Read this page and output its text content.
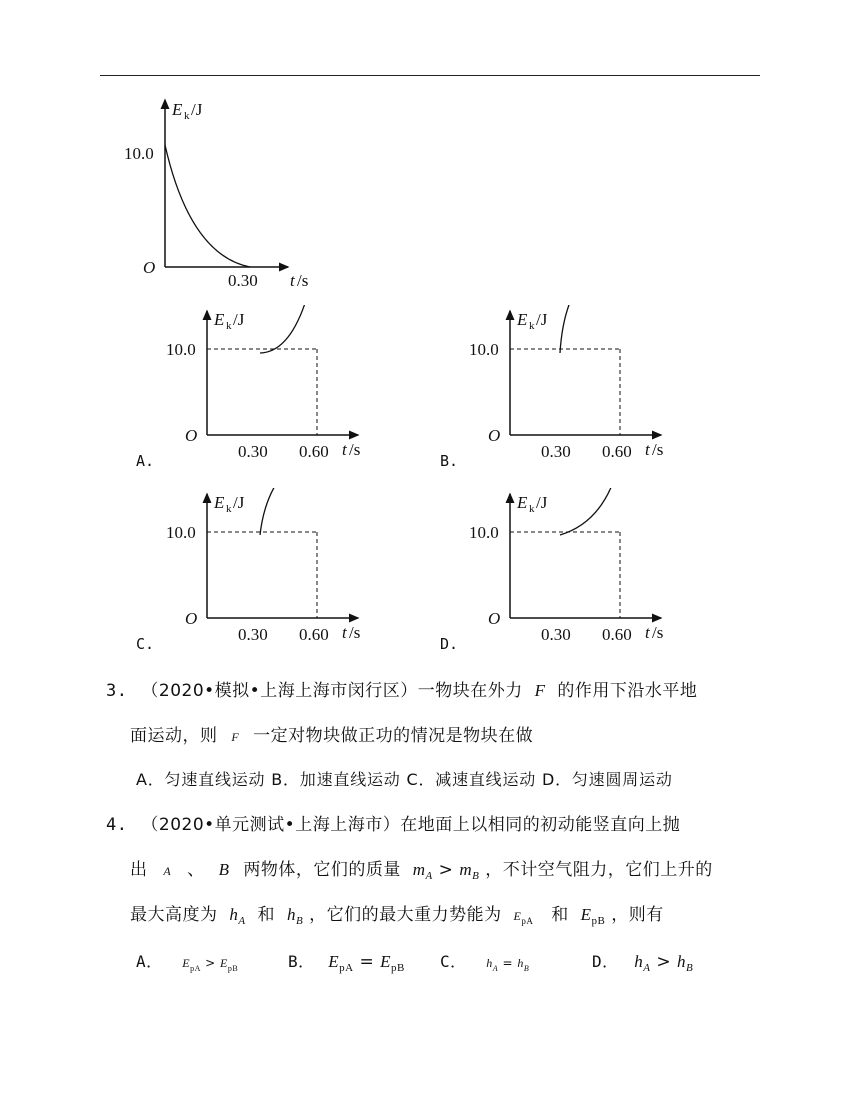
E k /J
10.0
O
0.30 t /s
E k /J
10.0
O
0.30 0.60 t /s
A.
E k /J
10.0
O
0.30 0.60 t /s
B.
E k /J
10.0
O
0.30 0.60 t /s
C.
E k /J
10.0
O
0.30 0.60 t /s
D.
3. （2020•模拟•上海上海市闵行区）一物块在外力 F 的作用下沿水平地
面运动，则 F 一定对物块做正功的情况是物块在做
A．匀速直线运动 B．加速直线运动 C．减速直线运动 D．匀速圆周运动
4. （2020•单元测试•上海上海市）在地面上以相同的初动能竖直向上抛
出 A 、 B 两物体，它们的质量 $m_A > m_B$ ，不计空气阻力，它们上升的
最大高度为 $h_A$ 和 $h_B$ ，它们的最大重力势能为 $E_{pA}$ 和 $E_{pB}$ ，则有
A． $E_{pA} > E_{pB}$	B． $E_{pA} = E_{pB}$ C． $h_A = h_B$	D． $h_A > h_B$
